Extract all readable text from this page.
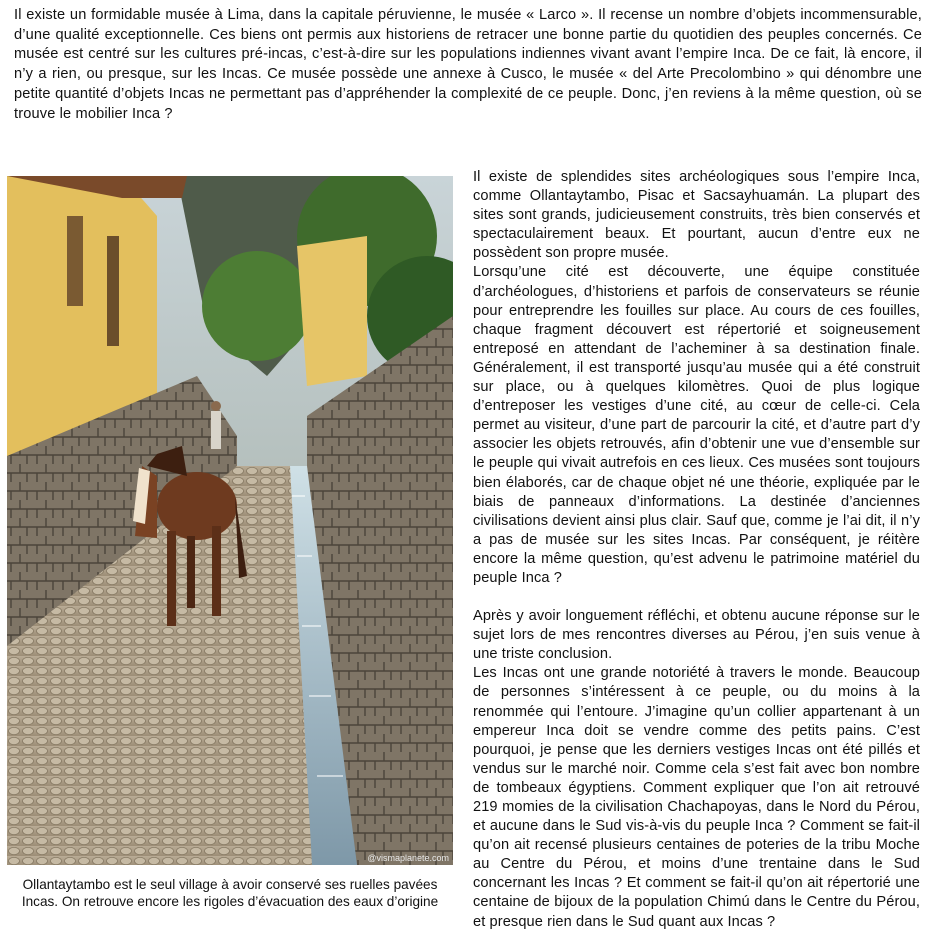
Il existe un formidable musée à Lima, dans la capitale péruvienne, le musée « Larco ». Il recense un nombre d’objets incommensurable, d’une qualité exceptionnelle. Ces biens ont permis aux historiens de retracer une bonne partie du quotidien des peuples concernés. Ce musée est centré sur les cultures pré-incas, c’est-à-dire sur les populations indiennes vivant avant l’empire Inca. De ce fait, là encore, il n’y a rien, ou presque, sur les Incas. Ce musée possède une annexe à Cusco, le musée « del Arte Precolombino » qui dénombre une petite quantité d’objets Incas ne permettant pas d’appréhender la complexité de ce peuple. Donc, j’en reviens à la même question, où se trouve le mobilier Inca ?

@vismaplanete.com

Ollantaytambo est le seul village à avoir conservé ses ruelles pavées Incas. On retrouve encore les rigoles d’évacuation des eaux d’origine

Il existe de splendides sites archéologiques sous l’empire Inca, comme Ollantaytambo, Pisac et Sacsayhuamán. La plupart des sites sont grands, judicieusement construits, très bien conservés et spectaculairement beaux. Et pourtant, aucun d’entre eux ne possèdent son propre musée.

Lorsqu’une cité est découverte, une équipe constituée d’archéologues, d’historiens et parfois de conservateurs se réunie pour entreprendre les fouilles sur place. Au cours de ces fouilles, chaque fragment découvert est répertorié et soigneusement entreposé en attendant de l’acheminer à sa destination finale. Généralement, il est transporté jusqu’au musée qui a été construit sur place, ou à quelques kilomètres. Quoi de plus logique d’entreposer les vestiges d’une cité, au cœur de celle-ci. Cela permet au visiteur, d’une part de parcourir la cité, et d’autre part d’y associer les objets retrouvés, afin d’obtenir une vue d’ensemble sur le peuple qui vivait autrefois en ces lieux. Ces musées sont toujours bien élaborés, car de chaque objet né une théorie, expliquée par le biais de panneaux d’informations. La destinée d’anciennes civilisations devient ainsi plus clair. Sauf que, comme je l’ai dit, il n’y a pas de musée sur les sites Incas. Par conséquent, je réitère encore la même question, qu’est advenu le patrimoine matériel du peuple Inca ?

Après y avoir longuement réfléchi, et obtenu aucune réponse sur le sujet lors de mes rencontres diverses au Pérou, j’en suis venue à une triste conclusion.

Les Incas ont une grande notoriété à travers le monde. Beaucoup de personnes s’intéressent à ce peuple, ou du moins à la renommée qui l’entoure. J’imagine qu’un collier appartenant à un empereur Inca doit se vendre comme des petits pains. C’est pourquoi, je pense que les derniers vestiges Incas ont été pillés et vendus sur le marché noir. Comme cela s’est fait avec bon nombre de tombeaux égyptiens. Comment expliquer que l’on ait retrouvé 219 momies de la civilisation Chachapoyas, dans le Nord du Pérou, et aucune dans le Sud vis-à-vis du peuple Inca ? Comment se fait-il qu’on ait recensé plusieurs centaines de poteries de la tribu Moche au Centre du Pérou, et moins d’une trentaine dans le Sud concernant les Incas ? Et comment se fait-il qu’on ait répertorié une centaine de bijoux de la population Chimú dans le Centre du Pérou, et presque rien dans le Sud quant aux Incas ?
